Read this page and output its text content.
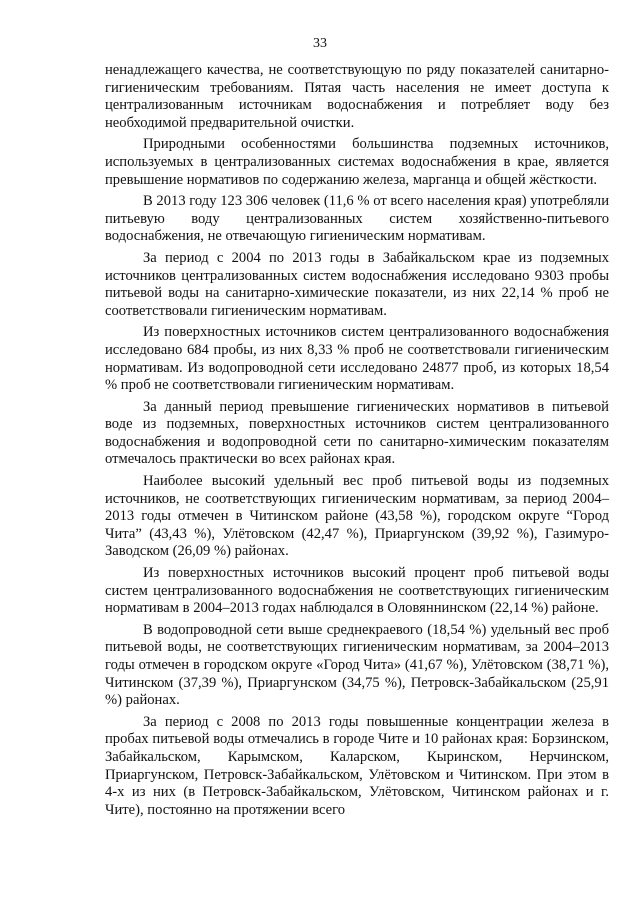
33

ненадлежащего качества, не соответствующую по ряду показателей санитарно-гигиеническим требованиям. Пятая часть населения не имеет доступа к централизованным источникам водоснабжения и потребляет воду без необходимой предварительной очистки.

Природными особенностями большинства подземных источников, используемых в централизованных системах водоснабжения в крае, является превышение нормативов по содержанию железа, марганца и общей жёсткости.

В 2013 году 123 306 человек (11,6 % от всего населения края) употребляли питьевую воду централизованных систем хозяйственно-питьевого водоснабжения, не отвечающую гигиеническим нормативам.

За период с 2004 по 2013 годы в Забайкальском крае из подземных источников централизованных систем водоснабжения исследовано 9303 пробы питьевой воды на санитарно-химические показатели, из них 22,14 % проб не соответствовали гигиеническим нормативам.

Из поверхностных источников систем централизованного водоснабжения исследовано 684 пробы, из них 8,33 % проб не соответствовали гигиеническим нормативам. Из водопроводной сети исследовано 24877 проб, из которых 18,54 % проб не соответствовали гигиеническим нормативам.

За данный период превышение гигиенических нормативов в питьевой воде из подземных, поверхностных источников систем централизованного водоснабжения и водопроводной сети по санитарно-химическим показателям отмечалось практически во всех районах края.

Наиболее высокий удельный вес проб питьевой воды из подземных источников, не соответствующих гигиеническим нормативам, за период 2004–2013 годы отмечен в Читинском районе (43,58 %), городском округе “Город Чита” (43,43 %), Улётовском (42,47 %), Приаргунском (39,92 %), Газимуро-Заводском (26,09 %) районах.

Из поверхностных источников высокий процент проб питьевой воды систем централизованного водоснабжения не соответствующих гигиеническим нормативам в 2004–2013 годах наблюдался в Оловяннинском (22,14 %) районе.

В водопроводной сети выше среднекраевого (18,54 %) удельный вес проб питьевой воды, не соответствующих гигиеническим нормативам, за 2004–2013 годы отмечен в городском округе «Город Чита» (41,67 %), Улётовском (38,71 %), Читинском (37,39 %), Приаргунском (34,75 %), Петровск-Забайкальском (25,91 %) районах.

За период с 2008 по 2013 годы повышенные концентрации железа в пробах питьевой воды отмечались в городе Чите и 10 районах края: Борзинском, Забайкальском, Карымском, Каларском, Кыринском, Нерчинском, Приаргунском, Петровск-Забайкальском, Улётовском и Читинском. При этом в 4-х из них (в Петровск-Забайкальском, Улётовском, Читинском районах и г. Чите), постоянно на протяжении всего
